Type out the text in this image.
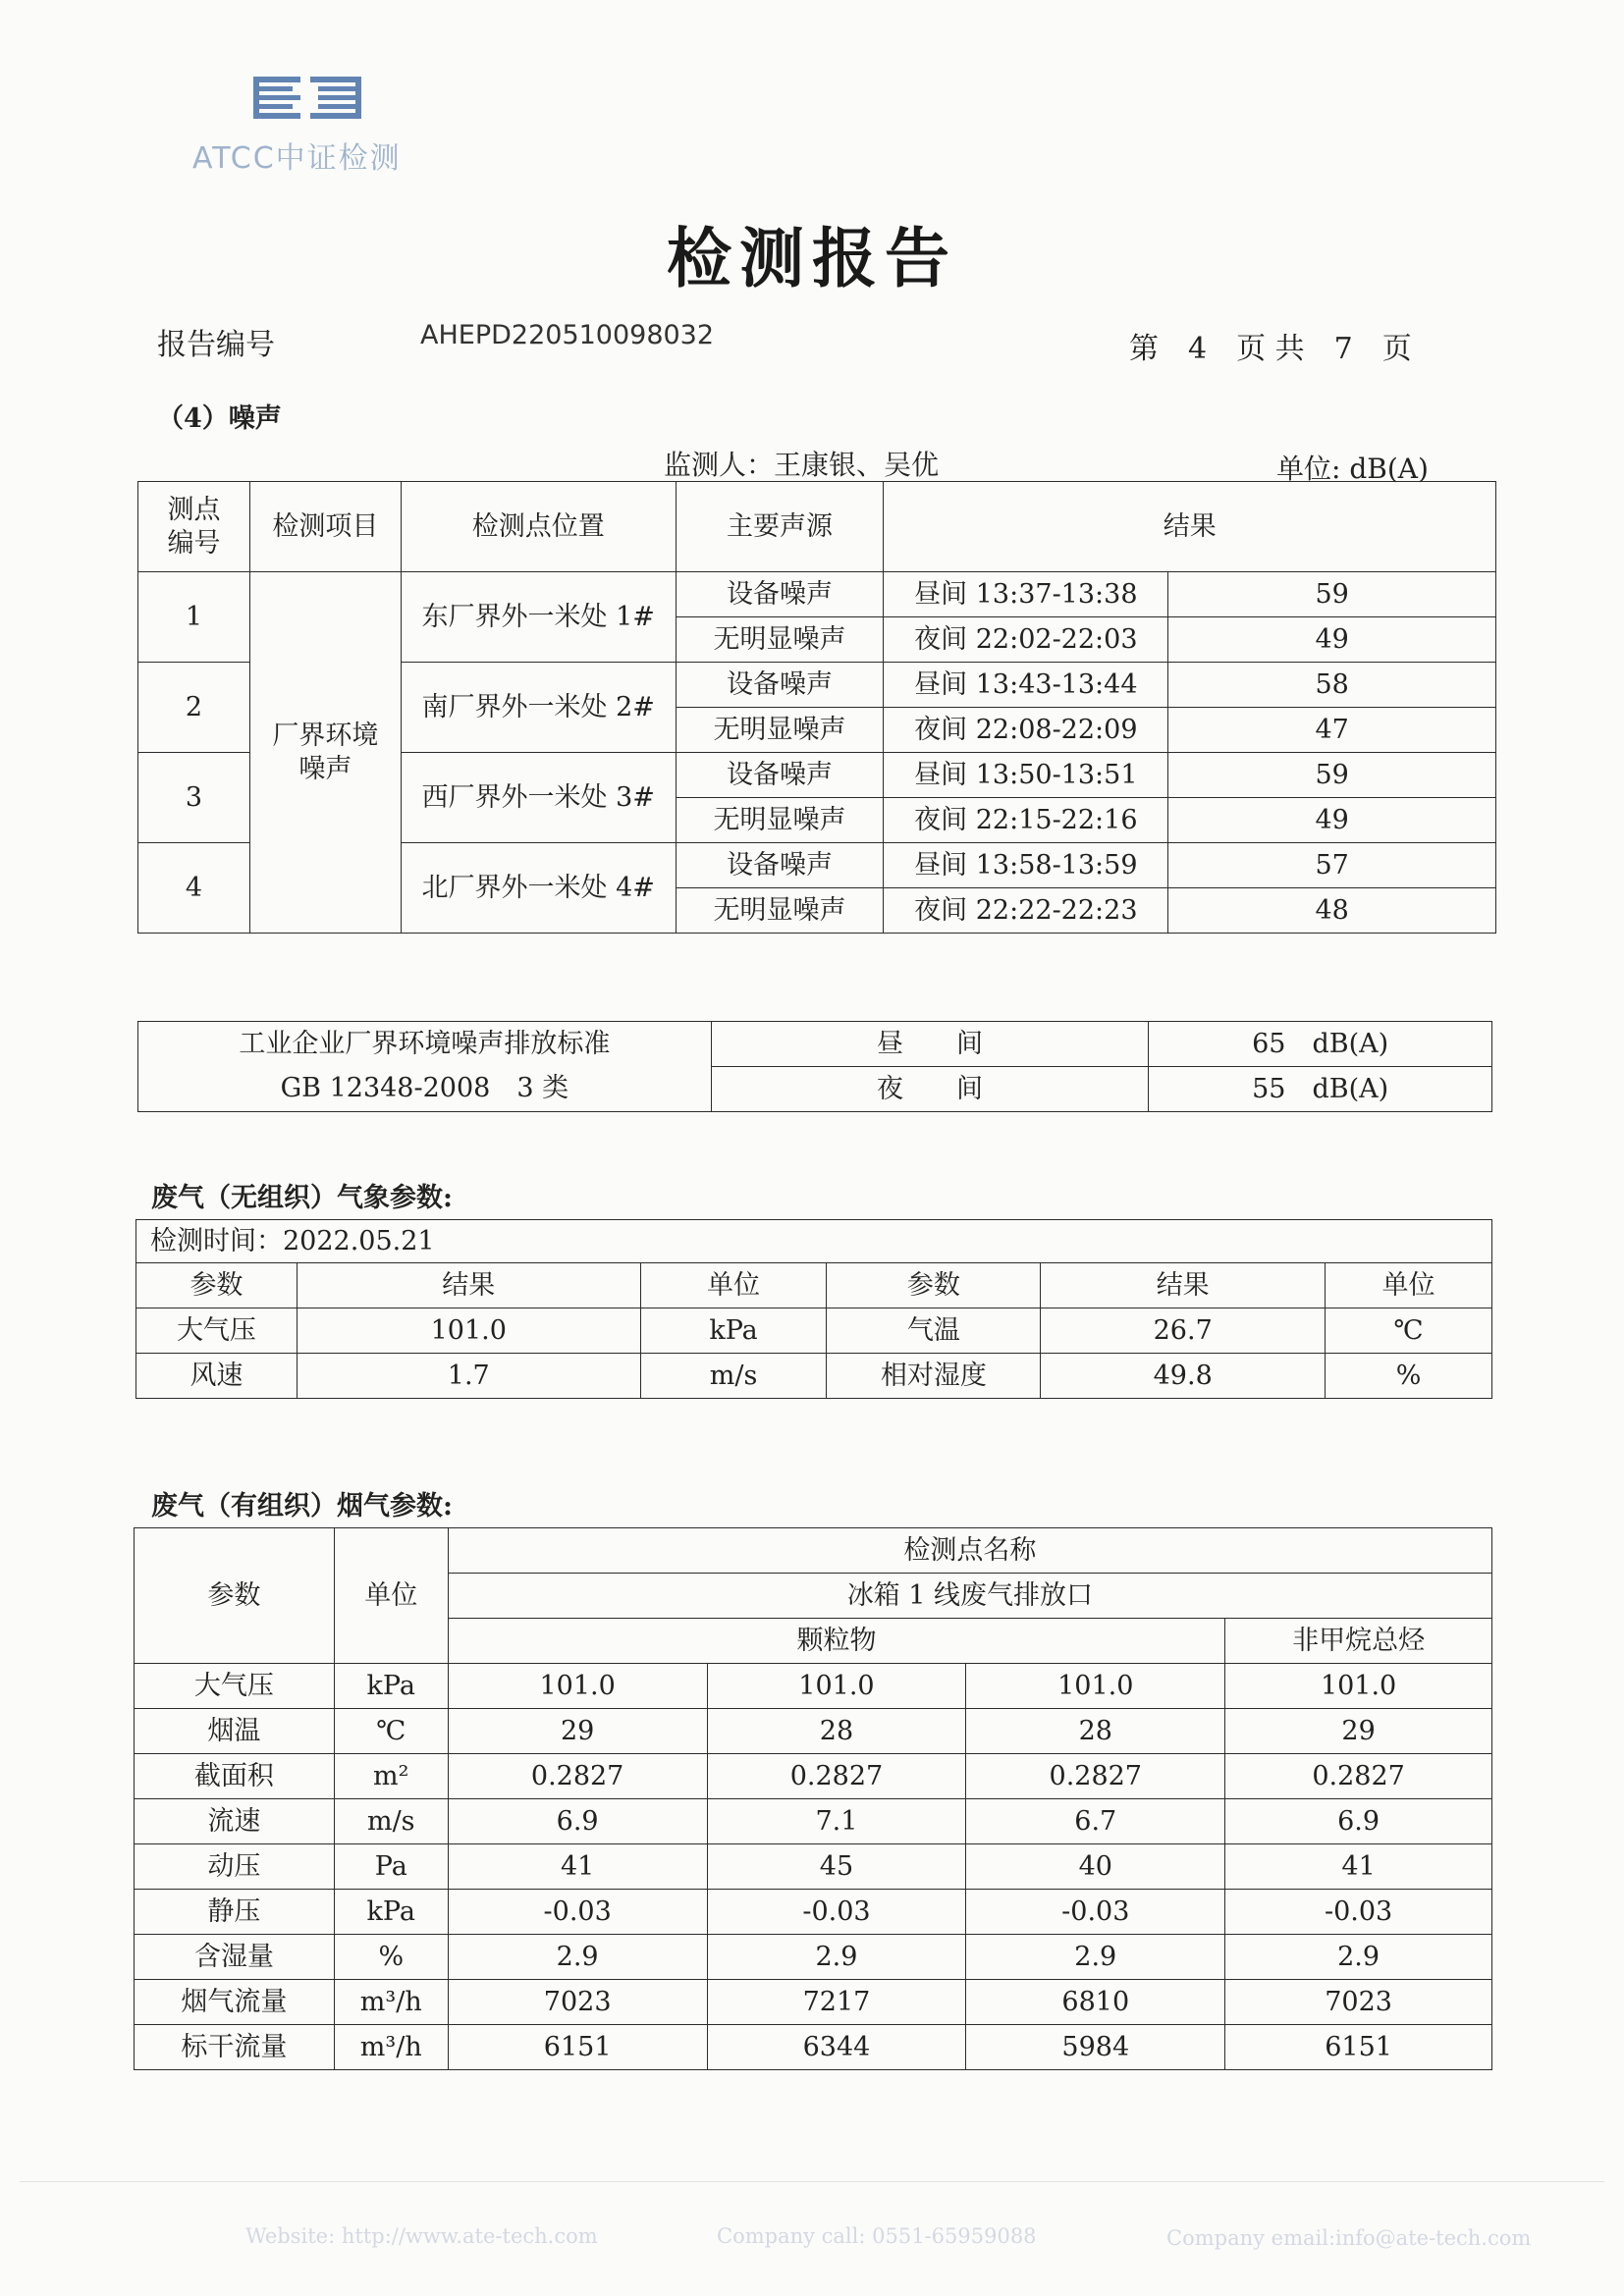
ATCC中证检测
检测报告
报告编号	AHEPD220510098032	第　4　页 共　7　页
（4）噪声
监测人：王康银、吴优	单位: dB(A)
测点编号	检测项目	检测点位置	主要声源	结果	
1	厂界环境噪声	东厂界外一米处 1#	设备噪声	昼间 13:37-13:38	59
			无明显噪声	夜间 22:02-22:03	49
2		南厂界外一米处 2#	设备噪声	昼间 13:43-13:44	58
			无明显噪声	夜间 22:08-22:09	47
3		西厂界外一米处 3#	设备噪声	昼间 13:50-13:51	59
			无明显噪声	夜间 22:15-22:16	49
4		北厂界外一米处 4#	设备噪声	昼间 13:58-13:59	57
			无明显噪声	夜间 22:22-22:23	48
工业企业厂界环境噪声排放标准	昼　　间	65　dB(A)
GB 12348-2008　3 类	夜　　间	55　dB(A)
废气（无组织）气象参数:
检测时间：2022.05.21					
参数	结果	单位	参数	结果	单位
大气压	101.0	kPa	气温	26.7	℃
风速	1.7	m/s	相对湿度	49.8	%
废气（有组织）烟气参数:
参数	单位	检测点名称			
		冰箱 1 线废气排放口			
		颗粒物			非甲烷总烃
大气压	kPa	101.0	101.0	101.0	101.0
烟温	℃	29	28	28	29
截面积	m²	0.2827	0.2827	0.2827	0.2827
流速	m/s	6.9	7.1	6.7	6.9
动压	Pa	41	45	40	41
静压	kPa	-0.03	-0.03	-0.03	-0.03
含湿量	%	2.9	2.9	2.9	2.9
烟气流量	m³/h	7023	7217	6810	7023
标干流量	m³/h	6151	6344	5984	6151
Website: http://www.ate-tech.com	Company call: 0551-65959088	Company email:info@ate-tech.com
